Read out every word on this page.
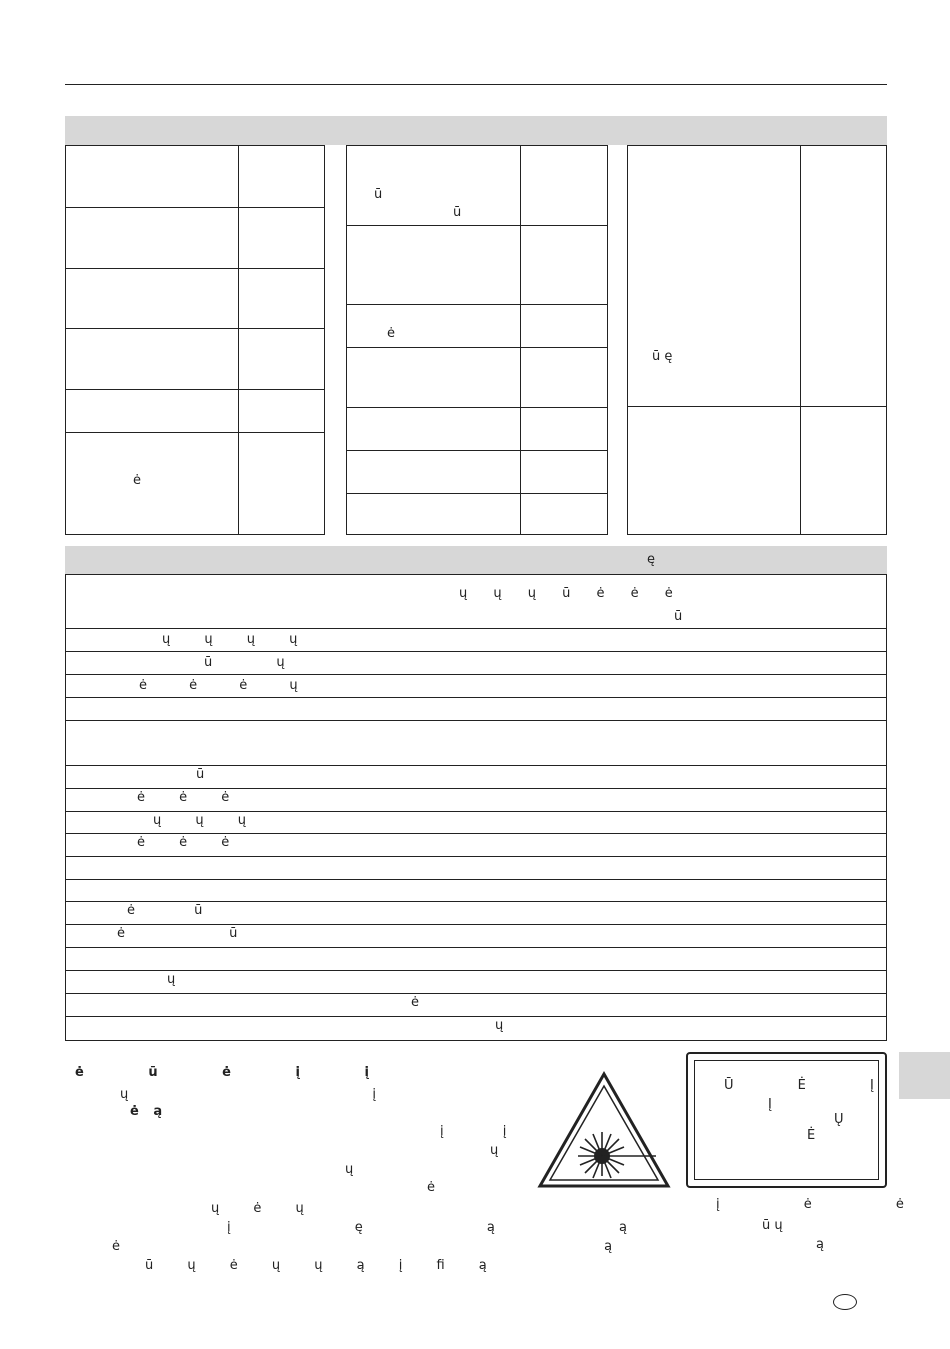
ė
ū
ū
ė
ū ę
ę
ų ų ų ū ė ė ė
ū
ų ų ų ų
ū ų
ė ė ė ų
ū
ė ė ė
ų ų ų
ė ė ė
ė ū
ė ū
ų
ė
ų
ė ū ė į į
ų į
ė ą
į į
ų
ų
ė
ų ė ų
į ę ą ą
ė ą
ū ų ė ų ų ą į fi ą
Ū Ė Į
Į
Ų
Ė
į ė ė
ū ų
ą
